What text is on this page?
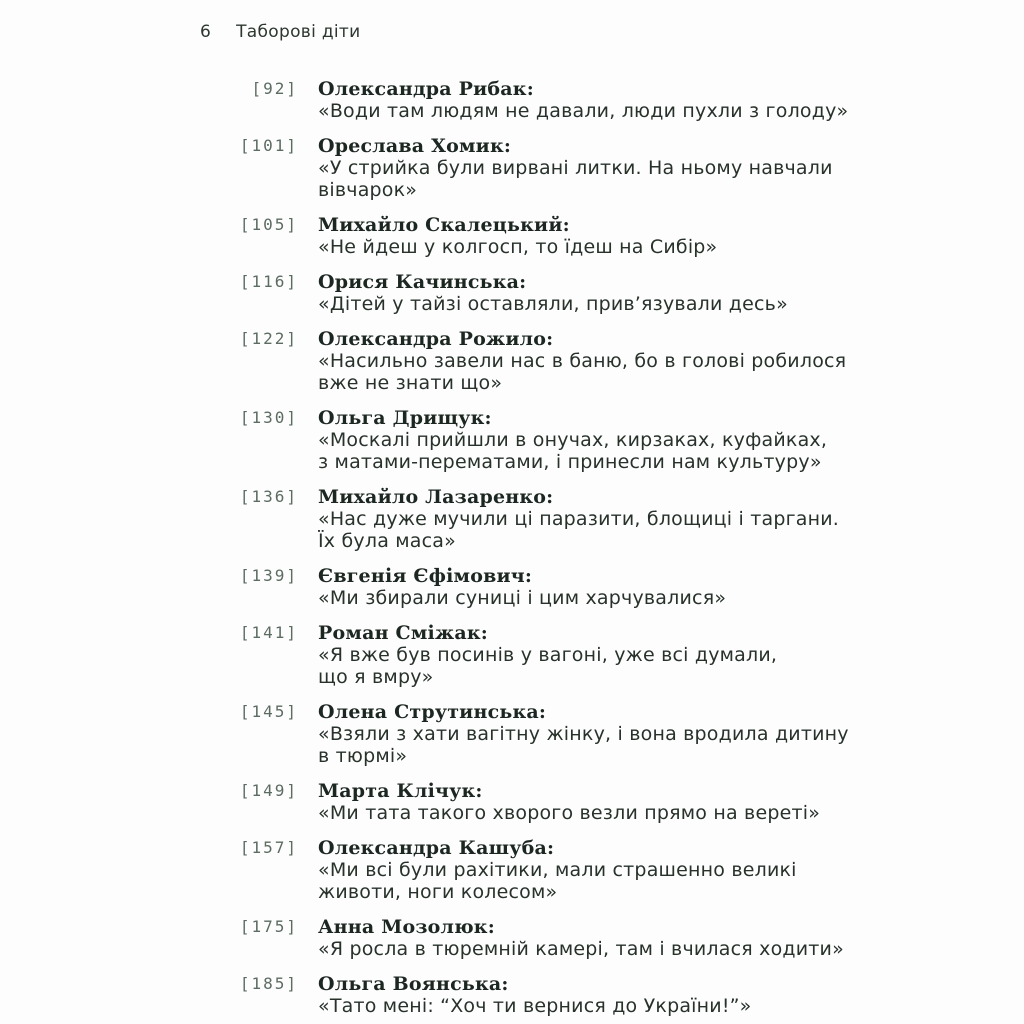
6 Таборові діти
[92] Олександра Рибак:
«Води там людям не давали, люди пухли з голоду»
[101] Ореслава Хомик:
«У стрийка були вирвані литки. На ньому навчали
вівчарок»
[105] Михайло Скалецький:
«Не йдеш у колгосп, то їдеш на Сибір»
[116] Орися Качинська:
«Дітей у тайзі оставляли, прив’язували десь»
[122] Олександра Рожило:
«Насильно завели нас в баню, бо в голові робилося
вже не знати що»
[130] Ольга Дрищук:
«Москалі прийшли в онучах, кирзаках, куфайках,
з матами-перематами, і принесли нам культуру»
[136] Михайло Лазаренко:
«Нас дуже мучили ці паразити, блощиці і таргани.
Їх була маса»
[139] Євгенія Єфімович:
«Ми збирали суниці і цим харчувалися»
[141] Роман Сміжак:
«Я вже був посинів у вагоні, уже всі думали,
що я вмру»
[145] Олена Струтинська:
«Взяли з хати вагітну жінку, і вона вродила дитину
в тюрмі»
[149] Марта Клічук:
«Ми тата такого хворого везли прямо на вереті»
[157] Олександра Кашуба:
«Ми всі були рахітики, мали страшенно великі
животи, ноги колесом»
[175] Анна Мозолюк:
«Я росла в тюремній камері, там і вчилася ходити»
[185] Ольга Воянська:
«Тато мені: “Хоч ти вернися до України!”»
